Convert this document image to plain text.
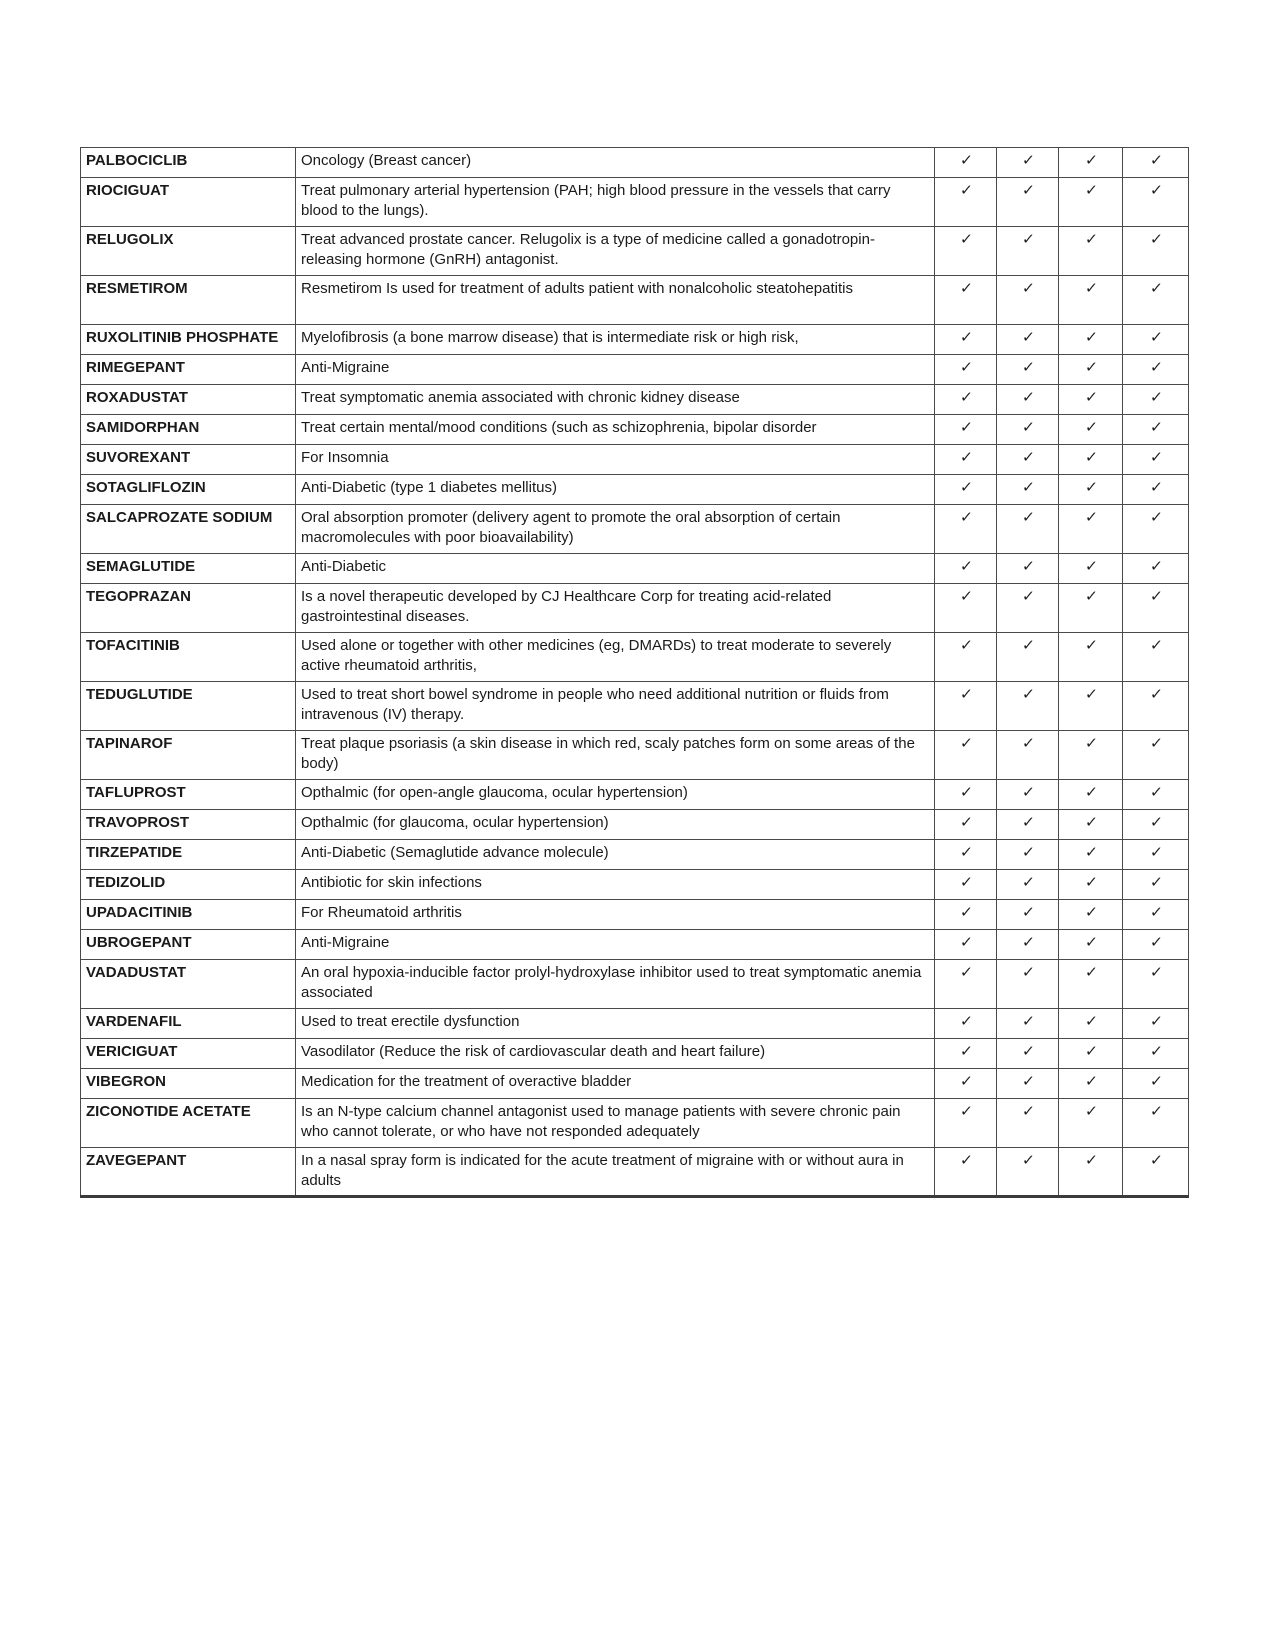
PALBOCICLIB	Oncology (Breast cancer)	✓	✓	✓	✓
RIOCIGUAT	Treat pulmonary arterial hypertension (PAH; high blood pressure in the vessels that carry blood to the lungs).	✓	✓	✓	✓
RELUGOLIX	Treat advanced prostate cancer. Relugolix is a type of medicine called a gonadotropin-releasing hormone (GnRH) antagonist.	✓	✓	✓	✓
RESMETIROM	Resmetirom Is used for treatment of adults patient with nonalcoholic steatohepatitis	✓	✓	✓	✓
RUXOLITINIB PHOSPHATE	Myelofibrosis (a bone marrow disease) that is intermediate risk or high risk,	✓	✓	✓	✓
RIMEGEPANT	Anti-Migraine	✓	✓	✓	✓
ROXADUSTAT	Treat symptomatic anemia associated with chronic kidney disease	✓	✓	✓	✓
SAMIDORPHAN	Treat certain mental/mood conditions (such as schizophrenia, bipolar disorder	✓	✓	✓	✓
SUVOREXANT	For Insomnia	✓	✓	✓	✓
SOTAGLIFLOZIN	Anti-Diabetic (type 1 diabetes mellitus)	✓	✓	✓	✓
SALCAPROZATE SODIUM	Oral absorption promoter (delivery agent to promote the oral absorption of certain macromolecules with poor bioavailability)	✓	✓	✓	✓
SEMAGLUTIDE	Anti-Diabetic	✓	✓	✓	✓
TEGOPRAZAN	Is a novel therapeutic developed by CJ Healthcare Corp for treating acid-related gastrointestinal diseases.	✓	✓	✓	✓
TOFACITINIB	Used alone or together with other medicines (eg, DMARDs) to treat moderate to severely active rheumatoid arthritis,	✓	✓	✓	✓
TEDUGLUTIDE	Used to treat short bowel syndrome in people who need additional nutrition or fluids from intravenous (IV) therapy.	✓	✓	✓	✓
TAPINAROF	Treat plaque psoriasis (a skin disease in which red, scaly patches form on some areas of the body)	✓	✓	✓	✓
TAFLUPROST	Opthalmic (for open-angle glaucoma, ocular hypertension)	✓	✓	✓	✓
TRAVOPROST	Opthalmic (for glaucoma, ocular hypertension)	✓	✓	✓	✓
TIRZEPATIDE	Anti-Diabetic (Semaglutide advance molecule)	✓	✓	✓	✓
TEDIZOLID	Antibiotic for skin infections	✓	✓	✓	✓
UPADACITINIB	For Rheumatoid arthritis	✓	✓	✓	✓
UBROGEPANT	Anti-Migraine	✓	✓	✓	✓
VADADUSTAT	An oral hypoxia-inducible factor prolyl-hydroxylase inhibitor used to treat symptomatic anemia associated	✓	✓	✓	✓
VARDENAFIL	Used to treat erectile dysfunction	✓	✓	✓	✓
VERICIGUAT	Vasodilator (Reduce the risk of cardiovascular death and heart failure)	✓	✓	✓	✓
VIBEGRON	Medication for the treatment of overactive bladder	✓	✓	✓	✓
ZICONOTIDE ACETATE	Is an N-type calcium channel antagonist used to manage patients with severe chronic pain who cannot tolerate, or who have not responded adequately	✓	✓	✓	✓
ZAVEGEPANT	In a nasal spray form is indicated for the acute treatment of migraine with or without aura in adults	✓	✓	✓	✓
